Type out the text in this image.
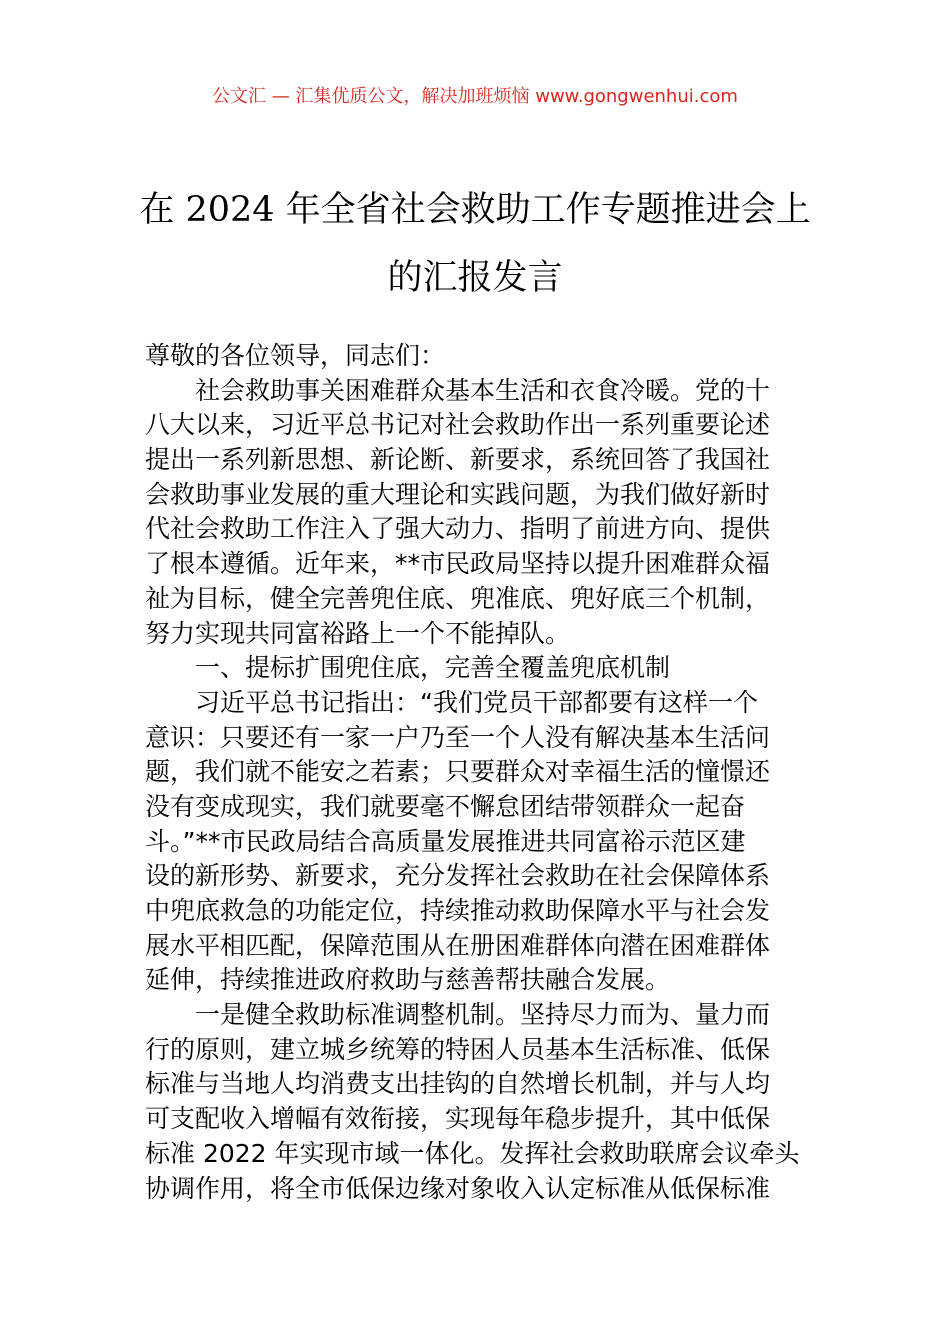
公文汇 — 汇集优质公文，解决加班烦恼 www.gongwenhui.com
在 2024 年全省社会救助工作专题推进会上
的汇报发言
尊敬的各位领导，同志们：
社会救助事关困难群众基本生活和衣食冷暖。党的十
八大以来，习近平总书记对社会救助作出一系列重要论述
提出一系列新思想、新论断、新要求，系统回答了我国社
会救助事业发展的重大理论和实践问题，为我们做好新时
代社会救助工作注入了强大动力、指明了前进方向、提供
了根本遵循。近年来，**市民政局坚持以提升困难群众福
祉为目标，健全完善兜住底、兜准底、兜好底三个机制，
努力实现共同富裕路上一个不能掉队。
一、提标扩围兜住底，完善全覆盖兜底机制
习近平总书记指出：“我们党员干部都要有这样一个
意识：只要还有一家一户乃至一个人没有解决基本生活问
题，我们就不能安之若素；只要群众对幸福生活的憧憬还
没有变成现实，我们就要毫不懈怠团结带领群众一起奋
斗。”**市民政局结合高质量发展推进共同富裕示范区建
设的新形势、新要求，充分发挥社会救助在社会保障体系
中兜底救急的功能定位，持续推动救助保障水平与社会发
展水平相匹配，保障范围从在册困难群体向潜在困难群体
延伸，持续推进政府救助与慈善帮扶融合发展。
一是健全救助标准调整机制。坚持尽力而为、量力而
行的原则，建立城乡统筹的特困人员基本生活标准、低保
标准与当地人均消费支出挂钩的自然增长机制，并与人均
可支配收入增幅有效衔接，实现每年稳步提升，其中低保
标准 2022 年实现市域一体化。发挥社会救助联席会议牵头
协调作用，将全市低保边缘对象收入认定标准从低保标准
